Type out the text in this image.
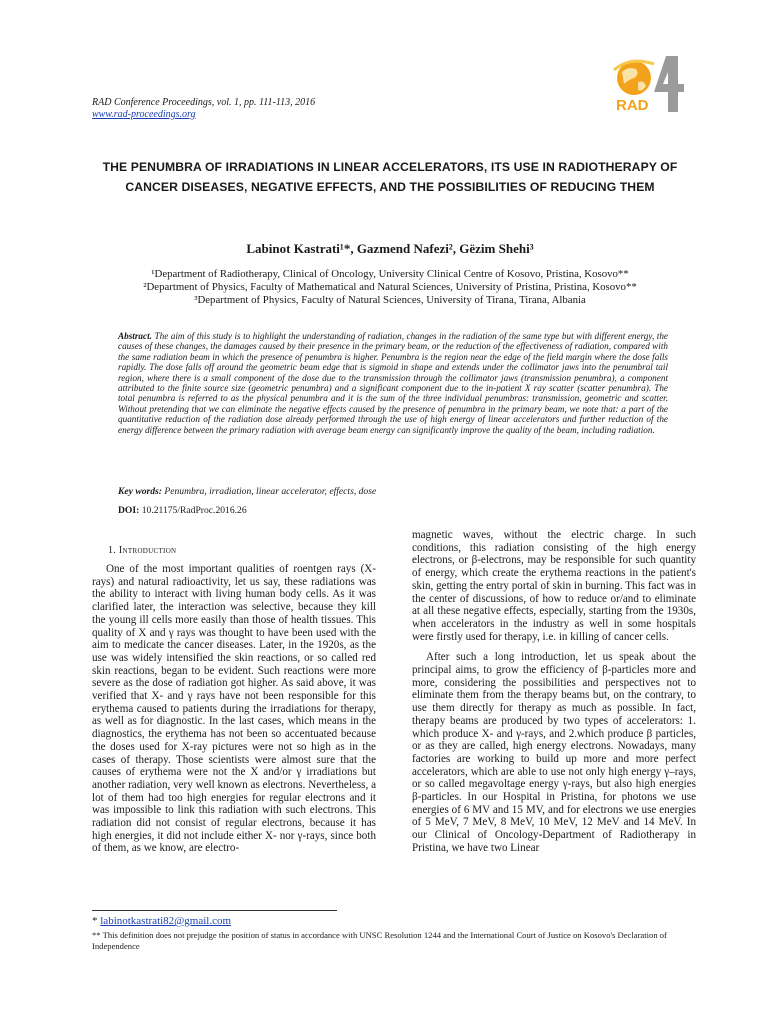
RAD Conference Proceedings, vol. 1, pp. 111-113, 2016
www.rad-proceedings.org
RAD
THE PENUMBRA OF IRRADIATIONS IN LINEAR ACCELERATORS, ITS USE IN RADIOTHERAPY OF CANCER DISEASES, NEGATIVE EFFECTS, AND THE POSSIBILITIES OF REDUCING THEM
Labinot Kastrati¹*, Gazmend Nafezi², Gëzim Shehi³
¹Department of Radiotherapy, Clinical of Oncology, University Clinical Centre of Kosovo, Pristina, Kosovo**
²Department of Physics, Faculty of Mathematical and Natural Sciences, University of Pristina, Pristina, Kosovo**
³Department of Physics, Faculty of Natural Sciences, University of Tirana, Tirana, Albania
Abstract. The aim of this study is to highlight the understanding of radiation, changes in the radiation of the same type but with different energy, the causes of these changes, the damages caused by their presence in the primary beam, or the reduction of the effectiveness of radiation, compared with the same radiation beam in which the presence of penumbra is higher. Penumbra is the region near the edge of the field margin where the dose falls rapidly. The dose falls off around the geometric beam edge that is sigmoid in shape and extends under the collimator jaws into the penumbral tail region, where there is a small component of the dose due to the transmission through the collimator jaws (transmission penumbra), a component attributed to the finite source size (geometric penumbra) and a significant component due to the in-patient X ray scatter (scatter penumbra). The total penumbra is referred to as the physical penumbra and it is the sum of the three individual penumbras: transmission, geometric and scatter. Without pretending that we can eliminate the negative effects caused by the presence of penumbra in the primary beam, we note that: a part of the quantitative reduction of the radiation dose already performed through the use of high energy of linear accelerators and further reduction of the energy difference between the primary radiation with average beam energy can significantly improve the quality of the beam, including radiation.
Key words: Penumbra, irradiation, linear accelerator, effects, dose
DOI: 10.21175/RadProc.2016.26
1. Introduction

One of the most important qualities of roentgen rays (X-rays) and natural radioactivity, let us say, these radiations was the ability to interact with living human body cells. As it was clarified later, the interaction was selective, because they kill the young ill cells more easily than those of health tissues. This quality of X and γ rays was thought to have been used with the aim to medicate the cancer diseases. Later, in the 1920s, as the use was widely intensified the skin reactions, or so called red skin reactions, began to be evident. Such reactions were more severe as the dose of radiation got higher. As said above, it was verified that X- and γ rays have not been responsible for this erythema caused to patients during the irradiations for therapy, as well as for diagnostic. In the last cases, which means in the diagnostics, the erythema has not been so accentuated because the doses used for X-ray pictures were not so high as in the cases of therapy. Those scientists were almost sure that the causes of erythema were not the X and/or γ irradiations but another radiation, very well known as electrons. Nevertheless, a lot of them had too high energies for regular electrons and it was impossible to link this radiation with such electrons. This radiation did not consist of regular electrons, because it has high energies, it did not include either X- nor γ-rays, since both of them, as we know, are electro-

magnetic waves, without the electric charge. In such conditions, this radiation consisting of the high energy electrons, or β-electrons, may be responsible for such quantity of energy, which create the erythema reactions in the patient's skin, getting the entry portal of skin in burning. This fact was in the center of discussions, of how to reduce or/and to eliminate at all these negative effects, especially, starting from the 1930s, when accelerators in the industry as well in some hospitals were firstly used for therapy, i.e. in killing of cancer cells.

After such a long introduction, let us speak about the principal aims, to grow the efficiency of β-particles more and more, considering the possibilities and perspectives not to eliminate them from the therapy beams but, on the contrary, to use them directly for therapy as much as possible. In fact, therapy beams are produced by two types of accelerators: 1. which produce X- and γ-rays, and 2.which produce β particles, or as they are called, high energy electrons. Nowadays, many factories are working to build up more and more perfect accelerators, which are able to use not only high energy γ–rays, or so called megavoltage energy γ-rays, but also high energies β-particles. In our Hospital in Pristina, for photons we use energies of 6 MV and 15 MV, and for electrons we use energies of 5 MeV, 7 MeV, 8 MeV, 10 MeV, 12 MeV and 14 MeV. In our Clinical of Oncology-Department of Radiotherapy in Pristina, we have two Linear

* labinotkastrati82@gmail.com
** This definition does not prejudge the position of status in accordance with UNSC Resolution 1244 and the International Court of Justice on Kosovo's Declaration of Independence
